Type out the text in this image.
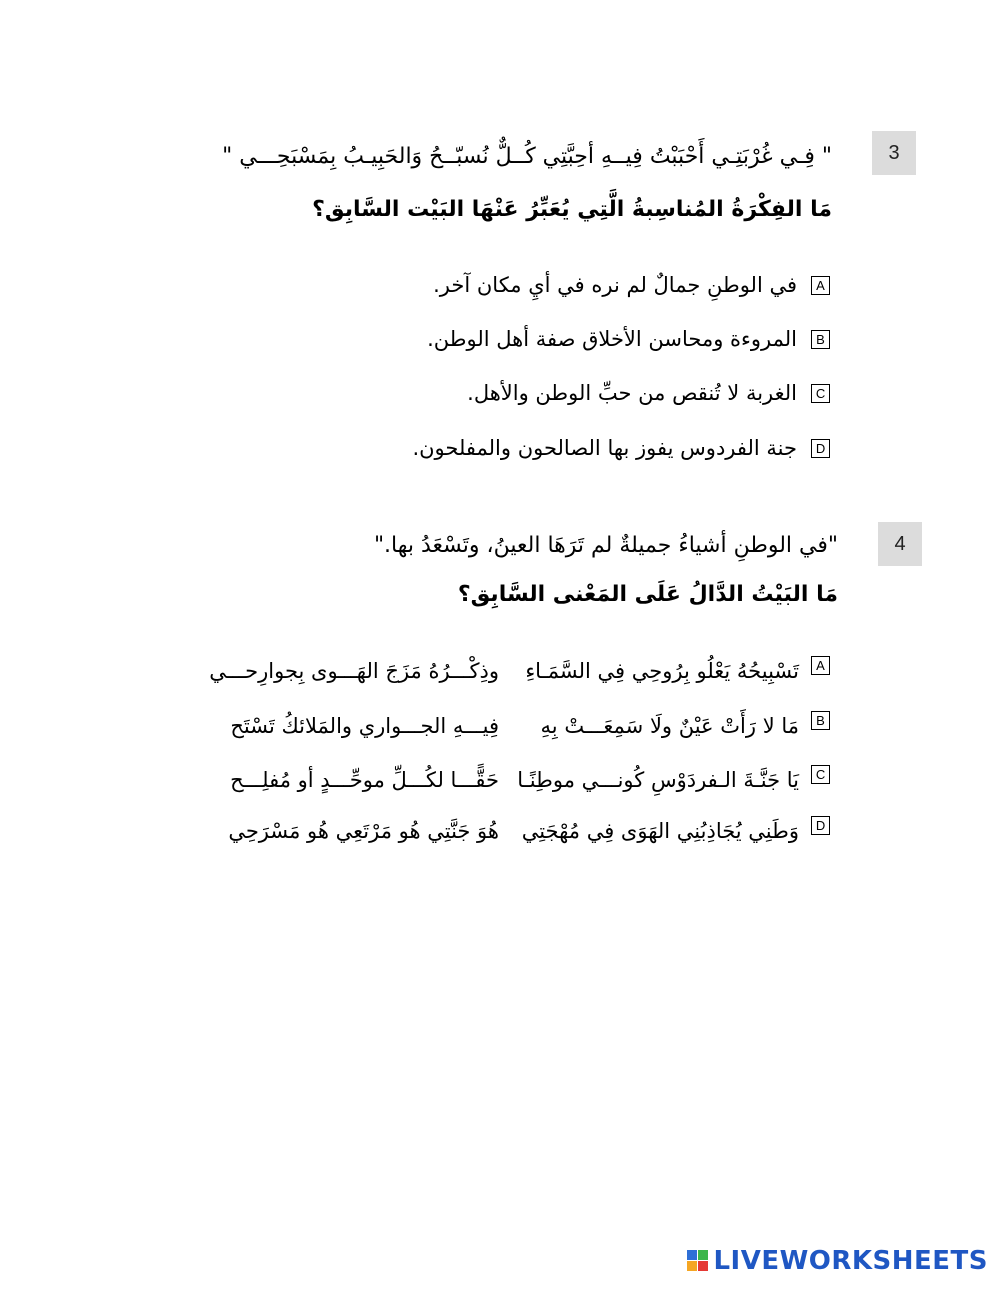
3
" فِـي غُرْبَتِـي أَحْبَبْتُ فِيــهِ أحِبَّتِي كُــلٌّ نُسبّــحُ وَالحَبِيـبُ بِمَسْبَحِـــي "
مَا الفِكْرَةُ المُناسِبةُ الَّتِي يُعَبِّرُ عَنْهَا البَيْت السَّابِق؟
A
في الوطنِ جمالٌ لم نره في أيِ مكان آخر.
B
المروءة ومحاسن الأخلاق صفة أهل الوطن.
C
الغربة لا تُنقص من حبِّ الوطن والأهل.
D
جنة الفردوس يفوز بها الصالحون والمفلحون.
4
"في الوطنِ أشياءُ جميلةٌ لم تَرَهَا العينُ، وتَسْعَدُ بها."
مَا البَيْتُ الدَّالُ عَلَى المَعْنى السَّابِق؟
A
تَسْبِيحُهُ يَعْلُو بِرُوحِي فِي السَّمَـاءِ
وذِكْـــرُهُ مَزَجَ الهَـــوى بِجوارِحـــي
B
مَا لا رَأَتْ عَيْنٌ ولَا سَمِعَـــتْ بِهِ
فِيـــهِ الجـــواري والمَلائكُ تَسْتَح
C
يَا جَنَّـةَ الـفردَوْسِ كُونـــي موطِنًـا
حَقًّـــا لكُـــلِّ موحِّـــدٍ أو مُفلِـــح
D
وَطَنِي يُجَاذِبُنِي الهَوَى فِي مُهْجَتِي
هُوَ جَنَّتِي هُو مَرْتَعِي هُو مَسْرَحِي
LIVEWORKSHEETS
